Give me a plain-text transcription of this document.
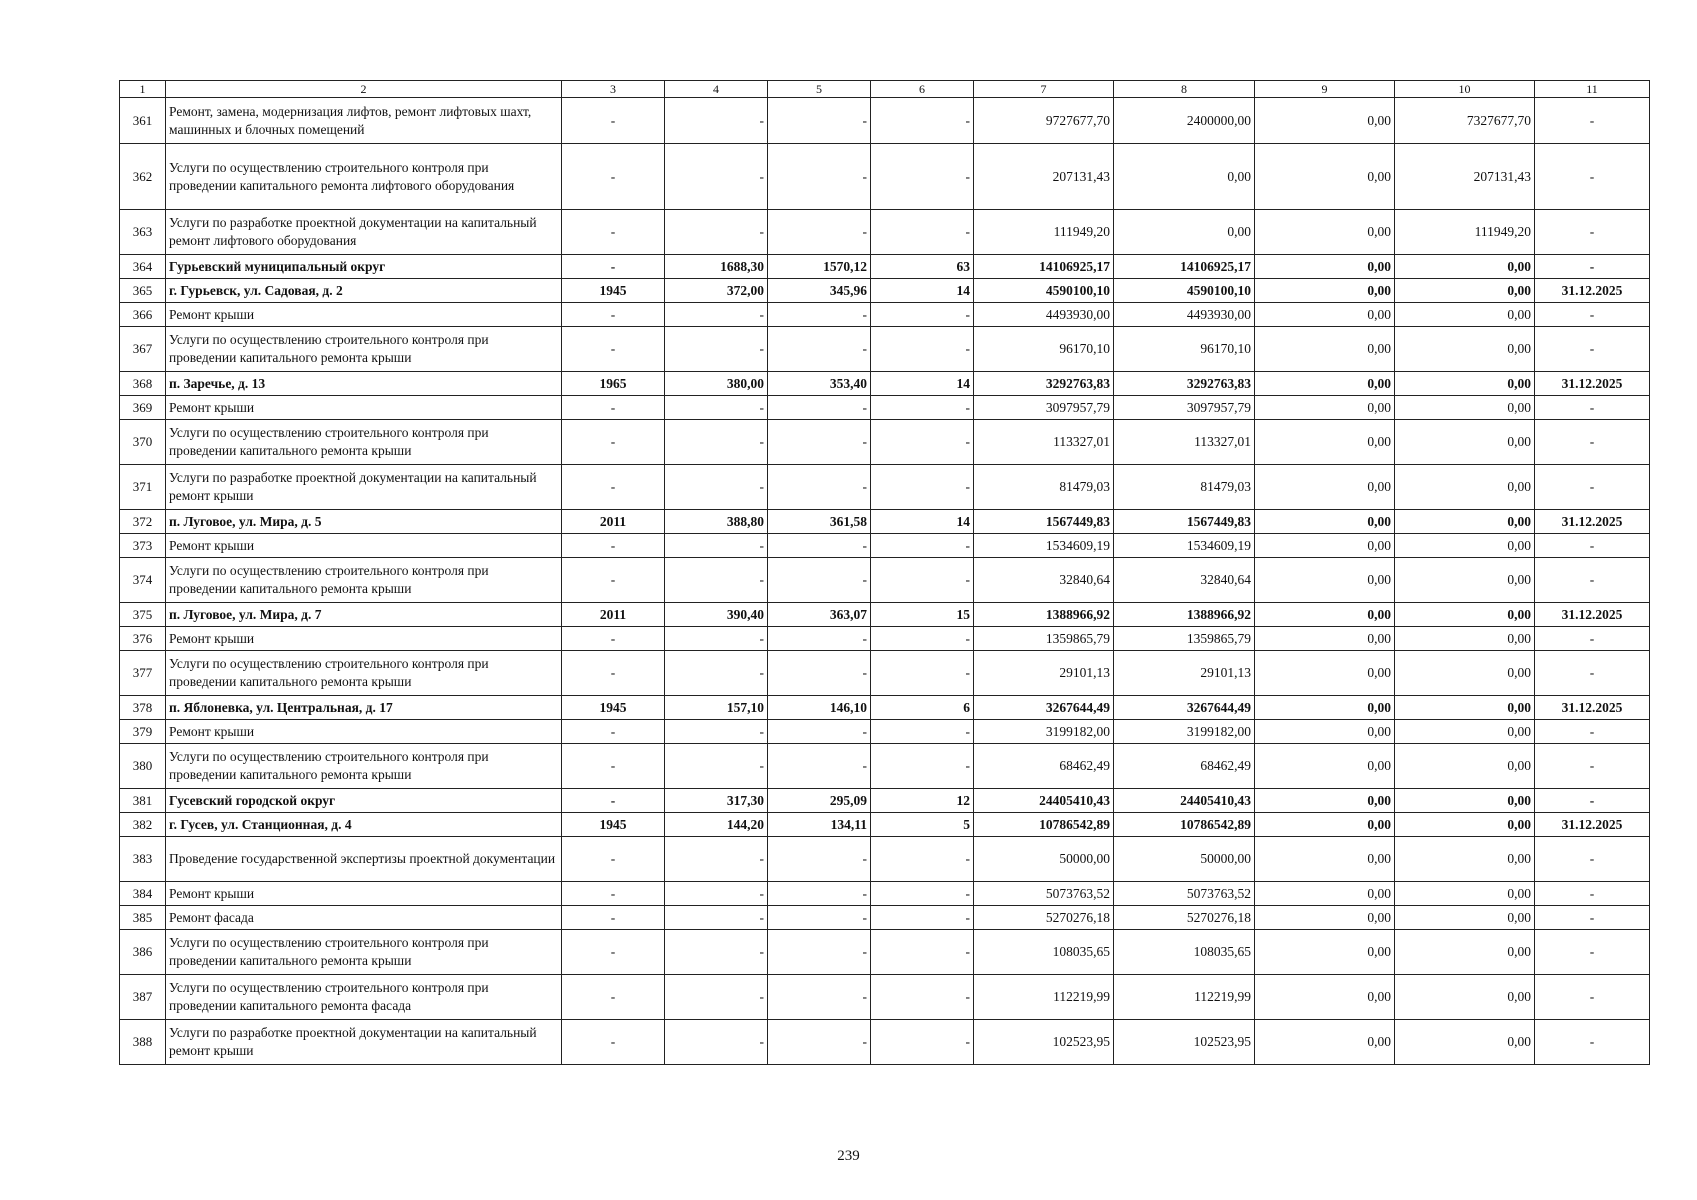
1	2	3	4	5	6	7	8	9	10	11
361	Ремонт, замена, модернизация лифтов, ремонт лифтовых шахт, машинных и блочных помещений	-	-	-	-	9727677,70	2400000,00	0,00	7327677,70	-
362	Услуги по осуществлению строительного контроля при проведении капитального ремонта лифтового оборудования	-	-	-	-	207131,43	0,00	0,00	207131,43	-
363	Услуги по разработке проектной документации на капитальный ремонт лифтового оборудования	-	-	-	-	111949,20	0,00	0,00	111949,20	-
364	Гурьевский муниципальный округ	-	1688,30	1570,12	63	14106925,17	14106925,17	0,00	0,00	-
365	г. Гурьевск, ул. Садовая, д. 2	1945	372,00	345,96	14	4590100,10	4590100,10	0,00	0,00	31.12.2025
366	Ремонт крыши	-	-	-	-	4493930,00	4493930,00	0,00	0,00	-
367	Услуги по осуществлению строительного контроля при проведении капитального ремонта крыши	-	-	-	-	96170,10	96170,10	0,00	0,00	-
368	п. Заречье, д. 13	1965	380,00	353,40	14	3292763,83	3292763,83	0,00	0,00	31.12.2025
369	Ремонт крыши	-	-	-	-	3097957,79	3097957,79	0,00	0,00	-
370	Услуги по осуществлению строительного контроля при проведении капитального ремонта крыши	-	-	-	-	113327,01	113327,01	0,00	0,00	-
371	Услуги по разработке проектной документации на капитальный ремонт крыши	-	-	-	-	81479,03	81479,03	0,00	0,00	-
372	п. Луговое, ул. Мира, д. 5	2011	388,80	361,58	14	1567449,83	1567449,83	0,00	0,00	31.12.2025
373	Ремонт крыши	-	-	-	-	1534609,19	1534609,19	0,00	0,00	-
374	Услуги по осуществлению строительного контроля при проведении капитального ремонта крыши	-	-	-	-	32840,64	32840,64	0,00	0,00	-
375	п. Луговое, ул. Мира, д. 7	2011	390,40	363,07	15	1388966,92	1388966,92	0,00	0,00	31.12.2025
376	Ремонт крыши	-	-	-	-	1359865,79	1359865,79	0,00	0,00	-
377	Услуги по осуществлению строительного контроля при проведении капитального ремонта крыши	-	-	-	-	29101,13	29101,13	0,00	0,00	-
378	п. Яблоневка, ул. Центральная, д. 17	1945	157,10	146,10	6	3267644,49	3267644,49	0,00	0,00	31.12.2025
379	Ремонт крыши	-	-	-	-	3199182,00	3199182,00	0,00	0,00	-
380	Услуги по осуществлению строительного контроля при проведении капитального ремонта крыши	-	-	-	-	68462,49	68462,49	0,00	0,00	-
381	Гусевский городской округ	-	317,30	295,09	12	24405410,43	24405410,43	0,00	0,00	-
382	г. Гусев, ул. Станционная, д. 4	1945	144,20	134,11	5	10786542,89	10786542,89	0,00	0,00	31.12.2025
383	Проведение государственной экспертизы проектной документации	-	-	-	-	50000,00	50000,00	0,00	0,00	-
384	Ремонт крыши	-	-	-	-	5073763,52	5073763,52	0,00	0,00	-
385	Ремонт фасада	-	-	-	-	5270276,18	5270276,18	0,00	0,00	-
386	Услуги по осуществлению строительного контроля при проведении капитального ремонта крыши	-	-	-	-	108035,65	108035,65	0,00	0,00	-
387	Услуги по осуществлению строительного контроля при проведении капитального ремонта фасада	-	-	-	-	112219,99	112219,99	0,00	0,00	-
388	Услуги по разработке проектной документации на капитальный ремонт крыши	-	-	-	-	102523,95	102523,95	0,00	0,00	-
239
